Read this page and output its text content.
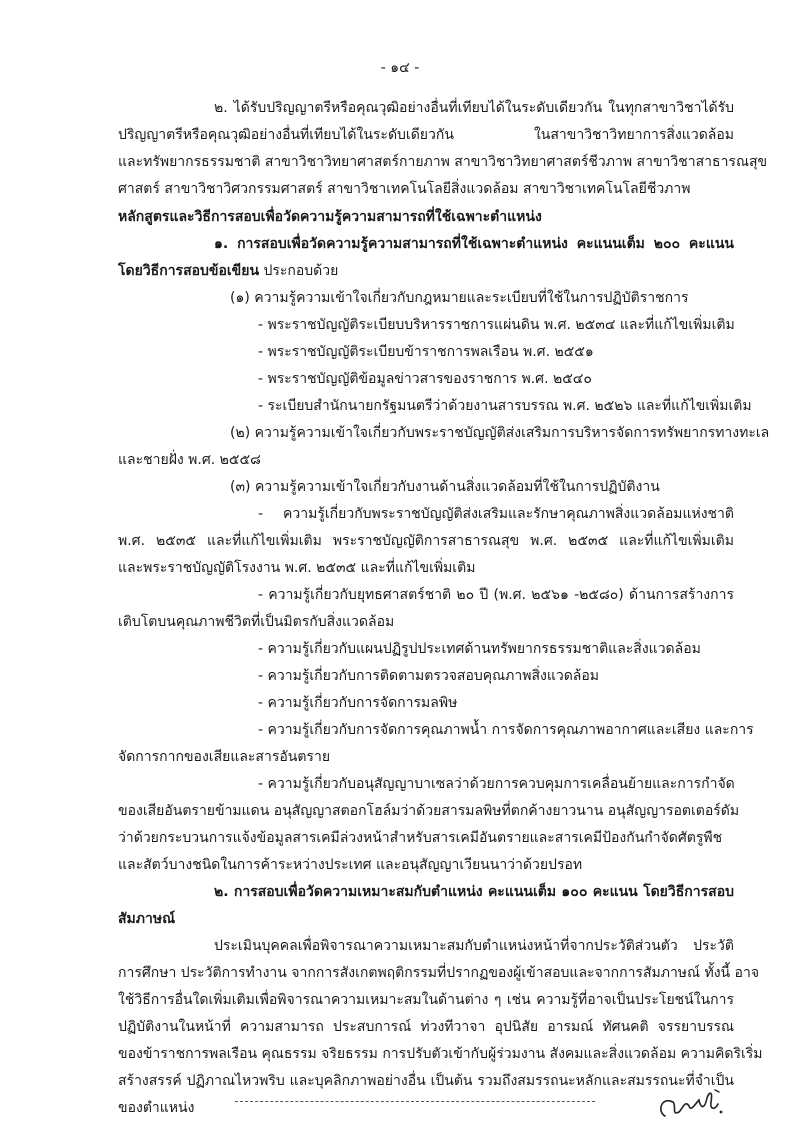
- ๑๔ -
๒. ได้รับปริญญาตรีหรือคุณวุฒิอย่างอื่นที่เทียบได้ในระดับเดียวกัน ในทุกสาขาวิชาได้รับ
ปริญญาตรีหรือคุณวุฒิอย่างอื่นที่เทียบได้ในระดับเดียวกัน ในสาขาวิชาวิทยาการสิ่งแวดล้อม
และทรัพยากรธรรมชาติ สาขาวิชาวิทยาศาสตร์กายภาพ สาขาวิชาวิทยาศาสตร์ชีวภาพ สาขาวิชาสาธารณสุข
ศาสตร์ สาขาวิชาวิศวกรรมศาสตร์ สาขาวิชาเทคโนโลยีสิ่งแวดล้อม สาขาวิชาเทคโนโลยีชีวภาพ
หลักสูตรและวิธีการสอบเพื่อวัดความรู้ความสามารถที่ใช้เฉพาะตำแหน่ง
๑. การสอบเพื่อวัดความรู้ความสามารถที่ใช้เฉพาะตำแหน่ง คะแนนเต็ม ๒๐๐ คะแนน
โดยวิธีการสอบข้อเขียน ประกอบด้วย
(๑) ความรู้ความเข้าใจเกี่ยวกับกฎหมายและระเบียบที่ใช้ในการปฏิบัติราชการ
- พระราชบัญญัติระเบียบบริหารราชการแผ่นดิน พ.ศ. ๒๕๓๔ และที่แก้ไขเพิ่มเติม
- พระราชบัญญัติระเบียบข้าราชการพลเรือน พ.ศ. ๒๕๕๑
- พระราชบัญญัติข้อมูลข่าวสารของราชการ พ.ศ. ๒๕๔๐
- ระเบียบสำนักนายกรัฐมนตรีว่าด้วยงานสารบรรณ พ.ศ. ๒๕๒๖ และที่แก้ไขเพิ่มเติม
(๒) ความรู้ความเข้าใจเกี่ยวกับพระราชบัญญัติส่งเสริมการบริหารจัดการทรัพยากรทางทะเล
และชายฝั่ง พ.ศ. ๒๕๕๘
(๓) ความรู้ความเข้าใจเกี่ยวกับงานด้านสิ่งแวดล้อมที่ใช้ในการปฏิบัติงาน
- ความรู้เกี่ยวกับพระราชบัญญัติส่งเสริมและรักษาคุณภาพสิ่งแวดล้อมแห่งชาติ
พ.ศ. ๒๕๓๕ และที่แก้ไขเพิ่มเติม พระราชบัญญัติการสาธารณสุข พ.ศ. ๒๕๓๕ และที่แก้ไขเพิ่มเติม
และพระราชบัญญัติโรงงาน พ.ศ. ๒๕๓๕ และที่แก้ไขเพิ่มเติม
- ความรู้เกี่ยวกับยุทธศาสตร์ชาติ ๒๐ ปี (พ.ศ. ๒๕๖๑ -๒๕๘๐) ด้านการสร้างการ
เติบโตบนคุณภาพชีวิตที่เป็นมิตรกับสิ่งแวดล้อม
- ความรู้เกี่ยวกับแผนปฏิรูปประเทศด้านทรัพยากรธรรมชาติและสิ่งแวดล้อม
- ความรู้เกี่ยวกับการติดตามตรวจสอบคุณภาพสิ่งแวดล้อม
- ความรู้เกี่ยวกับการจัดการมลพิษ
- ความรู้เกี่ยวกับการจัดการคุณภาพน้ำ การจัดการคุณภาพอากาศและเสียง และการ
จัดการกากของเสียและสารอันตราย
- ความรู้เกี่ยวกับอนุสัญญาบาเซลว่าด้วยการควบคุมการเคลื่อนย้ายและการกำจัด
ของเสียอันตรายข้ามแดน อนุสัญญาสตอกโฮล์มว่าด้วยสารมลพิษที่ตกค้างยาวนาน อนุสัญญารอตเตอร์ดัม
ว่าด้วยกระบวนการแจ้งข้อมูลสารเคมีล่วงหน้าสำหรับสารเคมีอันตรายและสารเคมีป้องกันกำจัดศัตรูพืช
และสัตว์บางชนิดในการค้าระหว่างประเทศ และอนุสัญญาเวียนนาว่าด้วยปรอท
๒. การสอบเพื่อวัดความเหมาะสมกับตำแหน่ง คะแนนเต็ม ๑๐๐ คะแนน โดยวิธีการสอบ
สัมภาษณ์
ประเมินบุคคลเพื่อพิจารณาความเหมาะสมกับตำแหน่งหน้าที่จากประวัติส่วนตัว ประวัติ
การศึกษา ประวัติการทำงาน จากการสังเกตพฤติกรรมที่ปรากฏของผู้เข้าสอบและจากการสัมภาษณ์ ทั้งนี้ อาจ
ใช้วิธีการอื่นใดเพิ่มเติมเพื่อพิจารณาความเหมาะสมในด้านต่าง ๆ เช่น ความรู้ที่อาจเป็นประโยชน์ในการ
ปฏิบัติงานในหน้าที่ ความสามารถ ประสบการณ์ ท่วงทีวาจา อุปนิสัย อารมณ์ ทัศนคติ จรรยาบรรณ
ของข้าราชการพลเรือน คุณธรรม จริยธรรม การปรับตัวเข้ากับผู้ร่วมงาน สังคมและสิ่งแวดล้อม ความคิดริเริ่ม
สร้างสรรค์ ปฏิภาณไหวพริบ และบุคลิกภาพอย่างอื่น เป็นต้น รวมถึงสมรรถนะหลักและสมรรถนะที่จำเป็น
ของตำแหน่ง
